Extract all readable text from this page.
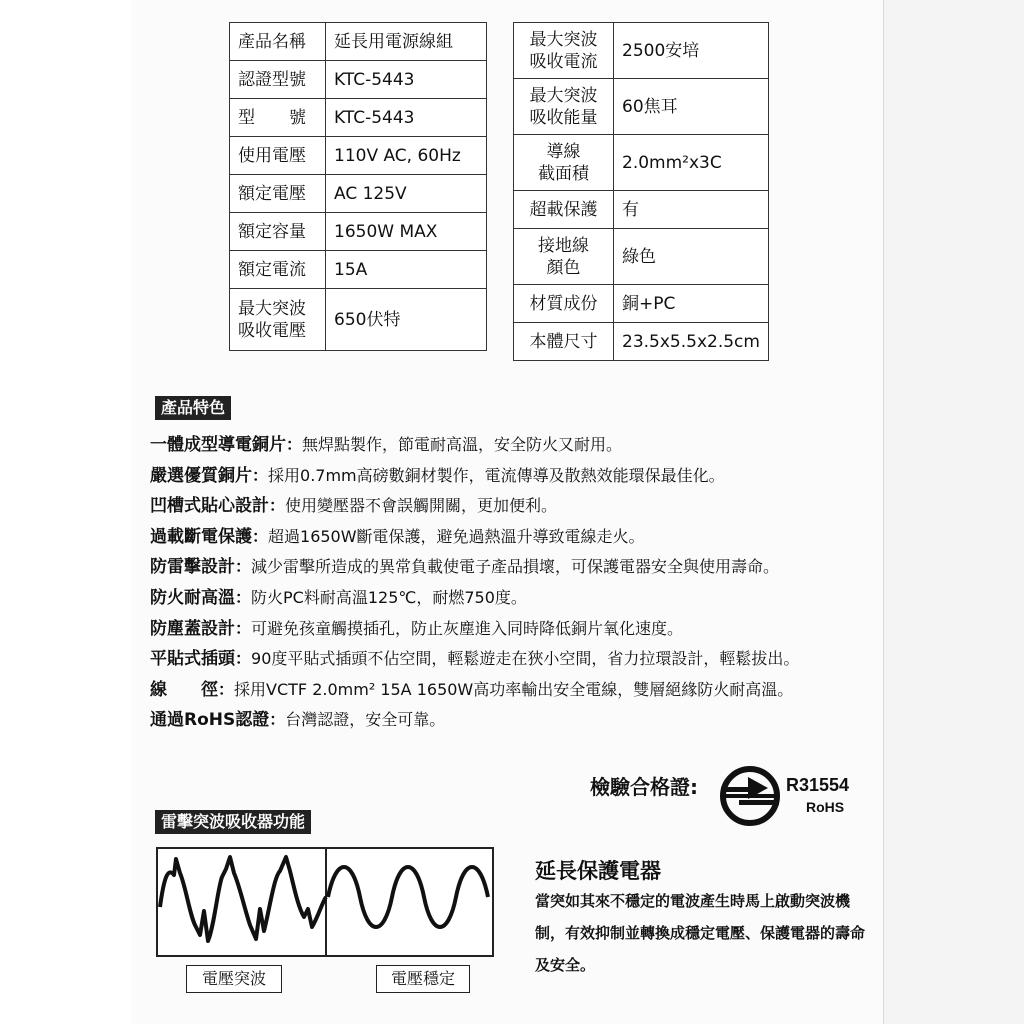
產品名稱	延長用電源線組
認證型號	KTC-5443
型　　號	KTC-5443
使用電壓	110V AC, 60Hz
額定電壓	AC 125V
額定容量	1650W MAX
額定電流	15A
最大突波
吸收電壓	650伏特
最大突波
吸收電流	2500安培
最大突波
吸收能量	60焦耳
導線
截面積	2.0mm²x3C
超載保護	有
接地線
顏色	綠色
材質成份	銅+PC
本體尺寸	23.5x5.5x2.5cm
產品特色
一體成型導電銅片：無焊點製作，節電耐高溫，安全防火又耐用。
嚴選優質銅片：採用0.7mm高磅數銅材製作，電流傳導及散熱效能環保最佳化。
凹槽式貼心設計：使用變壓器不會誤觸開關，更加便利。
過載斷電保護：超過1650W斷電保護，避免過熱溫升導致電線走火。
防雷擊設計：減少雷擊所造成的異常負載使電子產品損壞，可保護電器安全與使用壽命。
防火耐高溫：防火PC料耐高溫125℃，耐燃750度。
防塵蓋設計：可避免孩童觸摸插孔，防止灰塵進入同時降低銅片氧化速度。
平貼式插頭：90度平貼式插頭不佔空間，輕鬆遊走在狹小空間，省力拉環設計，輕鬆拔出。
線　　徑：採用VCTF 2.0mm² 15A 1650W高功率輸出安全電線，雙層絕緣防火耐高溫。
通過RoHS認證：台灣認證，安全可靠。
檢驗合格證:	R31554
RoHS
雷擊突波吸收器功能
電壓突波	電壓穩定
延長保護電器
當突如其來不穩定的電波產生時馬上啟動突波機制，有效抑制並轉換成穩定電壓、保護電器的壽命及安全。
